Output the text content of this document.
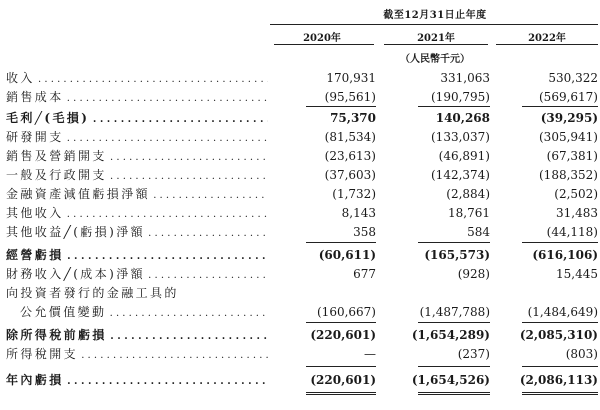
截至12月31日止年度
2020年	2021年	2022年
（人民幣千元）
收入 . . .	170,931	331,063	530,322
銷售成本 . . .	(95,561)	(190,795)	(569,617)
毛利╱(毛損) . . .	75,370	140,268	(39,295)
研發開支 . . .	(81,534)	(133,037)	(305,941)
銷售及營銷開支 . . .	(23,613)	(46,891)	(67,381)
一般及行政開支 . . .	(37,603)	(142,374)	(188,352)
金融資產減值虧損淨額 . . .	(1,732)	(2,884)	(2,502)
其他收入 . . .	8,143	18,761	31,483
其他收益╱(虧損)淨額 . . .	358	584	(44,118)
經營虧損 . . .	(60,611)	(165,573)	(616,106)
財務收入╱(成本)淨額 . . .	677	(928)	15,445
向投資者發行的金融工具的
公允價值變動 . . .	(160,667)	(1,487,788)	(1,484,649)
除所得稅前虧損 . . .	(220,601)	(1,654,289)	(2,085,310)
所得稅開支 . . .	—	(237)	(803)
年內虧損 . . .	(220,601)	(1,654,526)	(2,086,113)
